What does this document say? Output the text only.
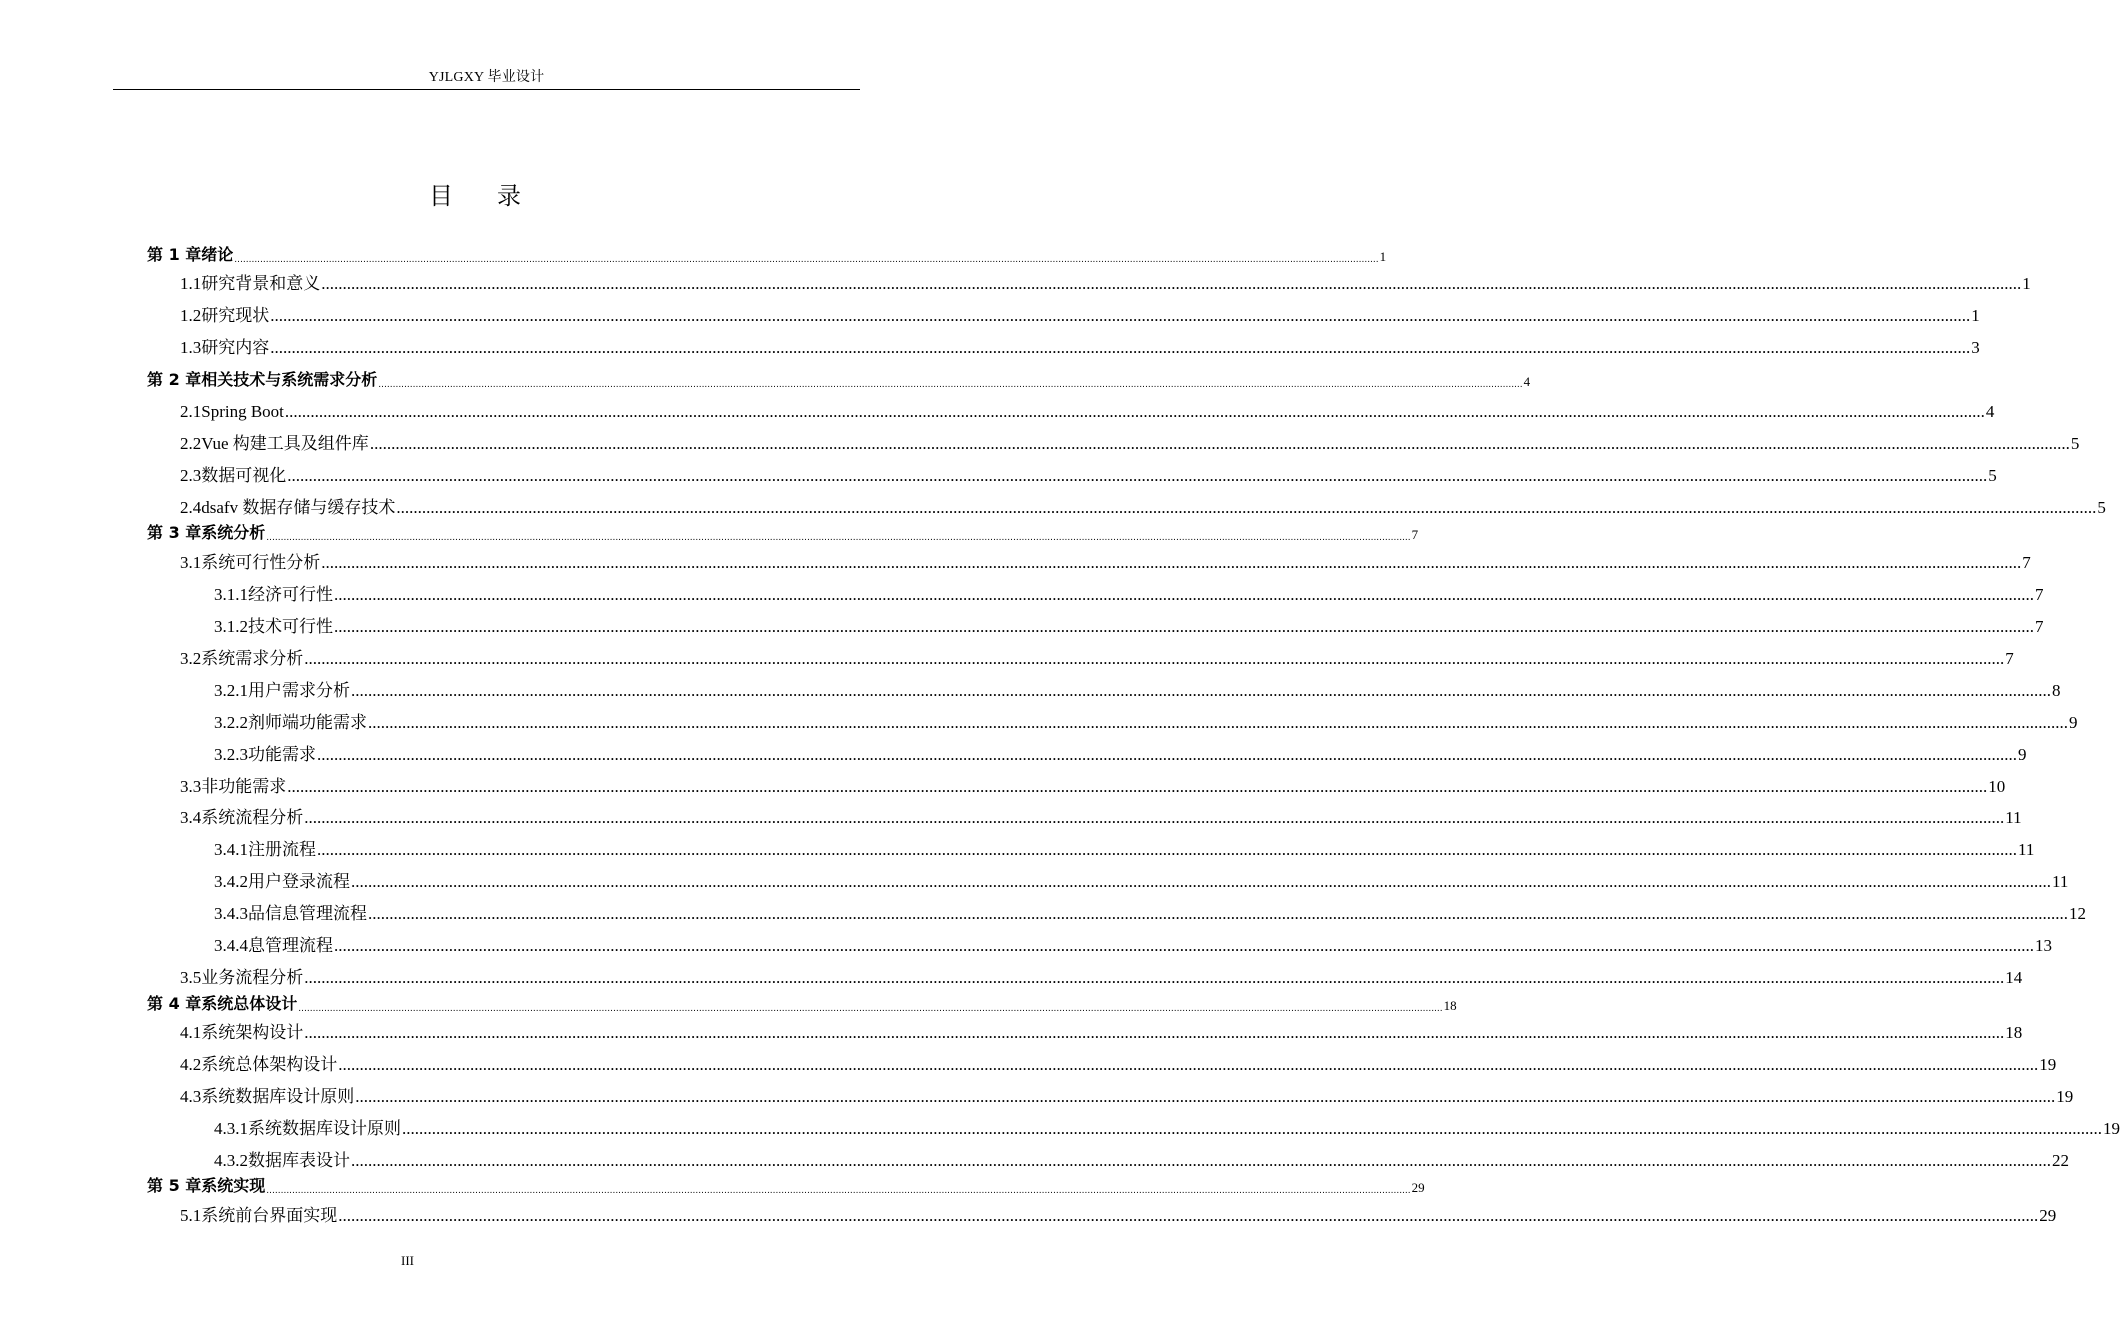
YJLGXY 毕业设计
目录
第 1 章 绪论 ................................................................................................................................................................................................................................................................................................................................................................................................................ 1
1.1 研究背景和意义 ................................................................................................................................................................................................................................................................................................................................................................................................................ 1
1.2 研究现状 ................................................................................................................................................................................................................................................................................................................................................................................................................ 1
1.3 研究内容 ................................................................................................................................................................................................................................................................................................................................................................................................................ 3
第 2 章 相关技术与系统需求分析 ................................................................................................................................................................................................................................................................................................................................................................................................................ 4
2.1 Spring Boot ................................................................................................................................................................................................................................................................................................................................................................................................................ 4
2.2 Vue 构建工具及组件库 ................................................................................................................................................................................................................................................................................................................................................................................................................ 5
2.3 数据可视化 ................................................................................................................................................................................................................................................................................................................................................................................................................ 5
2.4 dsafv 数据存储与缓存技术 ................................................................................................................................................................................................................................................................................................................................................................................................................ 5
第 3 章 系统分析 ................................................................................................................................................................................................................................................................................................................................................................................................................ 7
3.1 系统可行性分析 ................................................................................................................................................................................................................................................................................................................................................................................................................ 7
3.1.1 经济可行性 ................................................................................................................................................................................................................................................................................................................................................................................................................ 7
3.1.2 技术可行性 ................................................................................................................................................................................................................................................................................................................................................................................................................ 7
3.2 系统需求分析 ................................................................................................................................................................................................................................................................................................................................................................................................................ 7
3.2.1 用户需求分析 ................................................................................................................................................................................................................................................................................................................................................................................................................ 8
3.2.2 剂师端功能需求 ................................................................................................................................................................................................................................................................................................................................................................................................................ 9
3.2.3 功能需求 ................................................................................................................................................................................................................................................................................................................................................................................................................ 9
3.3 非功能需求 ................................................................................................................................................................................................................................................................................................................................................................................................................ 10
3.4 系统流程分析 ................................................................................................................................................................................................................................................................................................................................................................................................................ 11
3.4.1 注册流程 ................................................................................................................................................................................................................................................................................................................................................................................................................ 11
3.4.2 用户登录流程 ................................................................................................................................................................................................................................................................................................................................................................................................................ 11
3.4.3 品信息管理流程 ................................................................................................................................................................................................................................................................................................................................................................................................................ 12
3.4.4 息管理流程 ................................................................................................................................................................................................................................................................................................................................................................................................................ 13
3.5 业务流程分析 ................................................................................................................................................................................................................................................................................................................................................................................................................ 14
第 4 章 系统总体设计 ................................................................................................................................................................................................................................................................................................................................................................................................................ 18
4.1 系统架构设计 ................................................................................................................................................................................................................................................................................................................................................................................................................ 18
4.2 系统总体架构设计 ................................................................................................................................................................................................................................................................................................................................................................................................................ 19
4.3 系统数据库设计原则 ................................................................................................................................................................................................................................................................................................................................................................................................................ 19
4.3.1 系统数据库设计原则 ................................................................................................................................................................................................................................................................................................................................................................................................................ 19
4.3.2 数据库表设计 ................................................................................................................................................................................................................................................................................................................................................................................................................ 22
第 5 章 系统实现 ................................................................................................................................................................................................................................................................................................................................................................................................................ 29
5.1 系统前台界面实现 ................................................................................................................................................................................................................................................................................................................................................................................................................ 29
III
